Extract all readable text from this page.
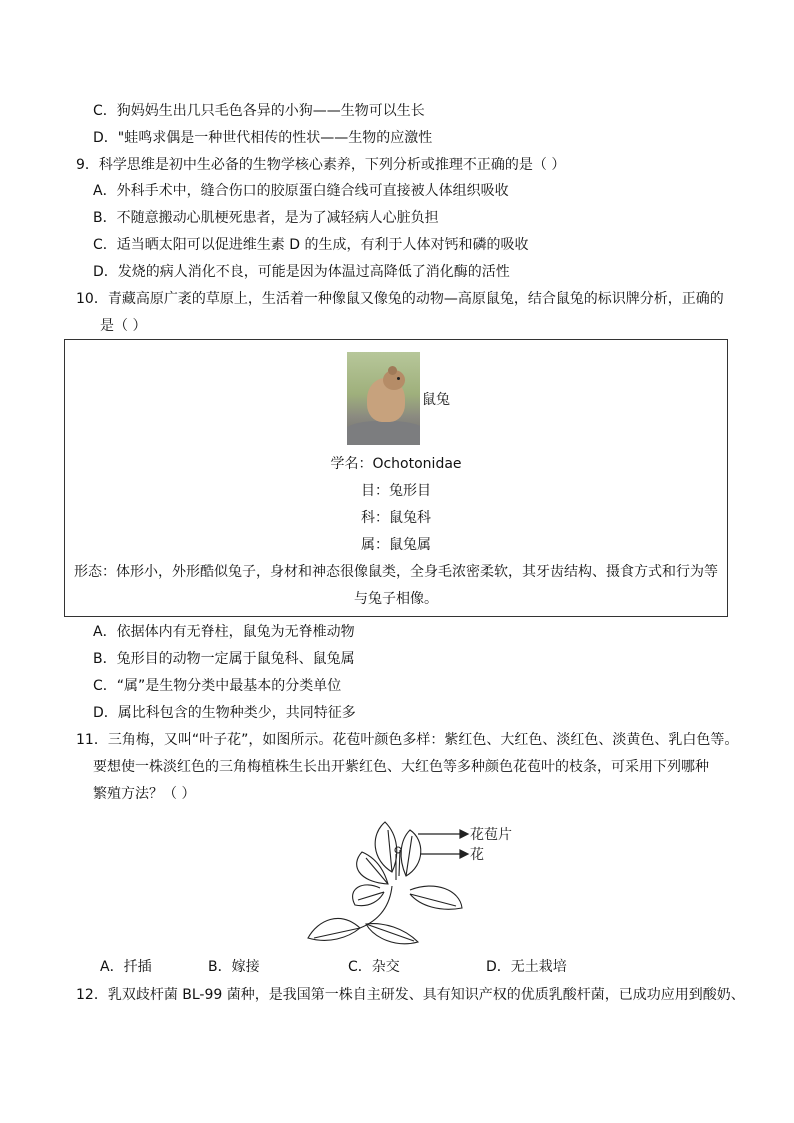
C．狗妈妈生出几只毛色各异的小狗——生物可以生长
D．"蛙鸣求偶是一种世代相传的性状——生物的应激性
9．科学思维是初中生必备的生物学核心素养，下列分析或推理不正确的是（ ）
A．外科手术中，缝合伤口的胶原蛋白缝合线可直接被人体组织吸收
B．不随意搬动心肌梗死患者，是为了减轻病人心脏负担
C．适当晒太阳可以促进维生素 D 的生成，有利于人体对钙和磷的吸收
D．发烧的病人消化不良，可能是因为体温过高降低了消化酶的活性
10．青藏高原广袤的草原上，生活着一种像鼠又像兔的动物—高原鼠兔，结合鼠兔的标识牌分析，正确的
是（ ）
鼠兔
学名：Ochotonidae
目：兔形目
科：鼠兔科
属：鼠兔属
形态：体形小，外形酷似兔子，身材和神态很像鼠类，全身毛浓密柔软，其牙齿结构、摄食方式和行为等
与兔子相像。
A．依据体内有无脊柱，鼠兔为无脊椎动物
B．兔形目的动物一定属于鼠兔科、鼠兔属
C．“属”是生物分类中最基本的分类单位
D．属比科包含的生物种类少，共同特征多
11．三角梅，又叫“叶子花”，如图所示。花苞叶颜色多样：紫红色、大红色、淡红色、淡黄色、乳白色等。
要想使一株淡红色的三角梅植株生长出开紫红色、大红色等多种颜色花苞叶的枝条，可采用下列哪种
繁殖方法？（ ）
花苞片
花
A．扦插	B．嫁接	C．杂交	D．无土栽培
12．乳双歧杆菌 BL-99 菌种，是我国第一株自主研发、具有知识产权的优质乳酸杆菌，已成功应用到酸奶、
